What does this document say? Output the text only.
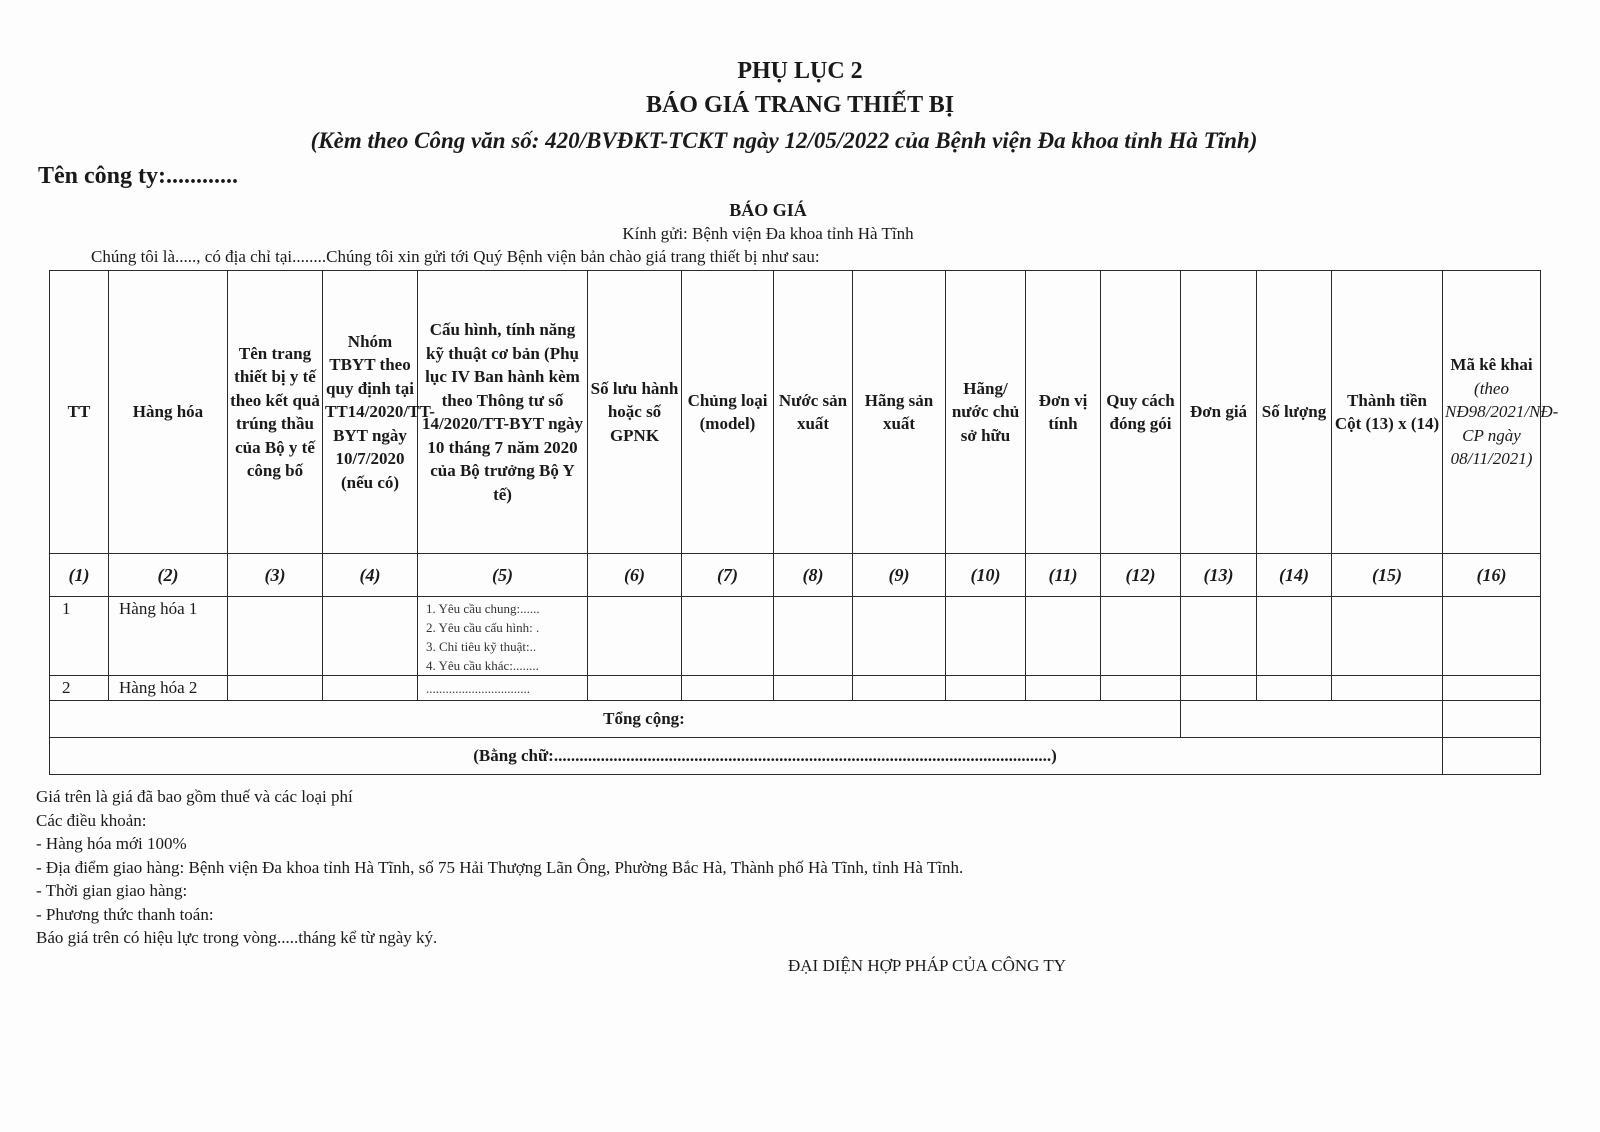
PHỤ LỤC 2
BÁO GIÁ TRANG THIẾT BỊ
(Kèm theo Công văn số: 420/BVĐKT-TCKT ngày 12/05/2022 của Bệnh viện Đa khoa tỉnh Hà Tĩnh)
Tên công ty:............
BÁO GIÁ
Kính gửi: Bệnh viện Đa khoa tỉnh Hà Tĩnh
Chúng tôi là....., có địa chỉ tại........Chúng tôi xin gửi tới Quý Bệnh viện bản chào giá trang thiết bị như sau:
TT	Hàng hóa	Tên trang thiết bị y tế theo kết quả trúng thầu của Bộ y tế công bố	Nhóm TBYT theo quy định tại TT14/2020/TT-BYT ngày 10/7/2020 (nếu có)	Cấu hình, tính năng kỹ thuật cơ bản (Phụ lục IV Ban hành kèm theo Thông tư số 14/2020/TT-BYT ngày 10 tháng 7 năm 2020 của Bộ trưởng Bộ Y tế)	Số lưu hành hoặc số GPNK	Chủng loại (model)	Nước sản xuất	Hãng sản xuất	Hãng/ nước chủ sở hữu	Đơn vị tính	Quy cách đóng gói	Đơn giá	Số lượng	Thành tiền Cột (13) x (14)	Mã kê khai
(theo NĐ98/2021/NĐ-CP ngày 08/11/2021)
(1)	(2)	(3)	(4)	(5)	(6)	(7)	(8)	(9)	(10)	(11)	(12)	(13)	(14)	(15)	(16)
1	Hàng hóa 1			1. Yêu cầu chung:......
2. Yêu cầu cấu hình: .
3. Chỉ tiêu kỹ thuật:..
4. Yêu cầu khác:........											

2	Hàng hóa 2			................................											
Tổng cộng:															
(Bằng chữ:.....................................................................................................................)															
Giá trên là giá đã bao gồm thuế và các loại phí
Các điều khoản:
- Hàng hóa mới 100%
- Địa điểm giao hàng: Bệnh viện Đa khoa tỉnh Hà Tĩnh, số 75 Hải Thượng Lãn Ông, Phường Bắc Hà, Thành phố Hà Tĩnh, tỉnh Hà Tĩnh.
- Thời gian giao hàng:
- Phương thức thanh toán:
Báo giá trên có hiệu lực trong vòng.....tháng kể từ ngày ký.
ĐẠI DIỆN HỢP PHÁP CỦA CÔNG TY
